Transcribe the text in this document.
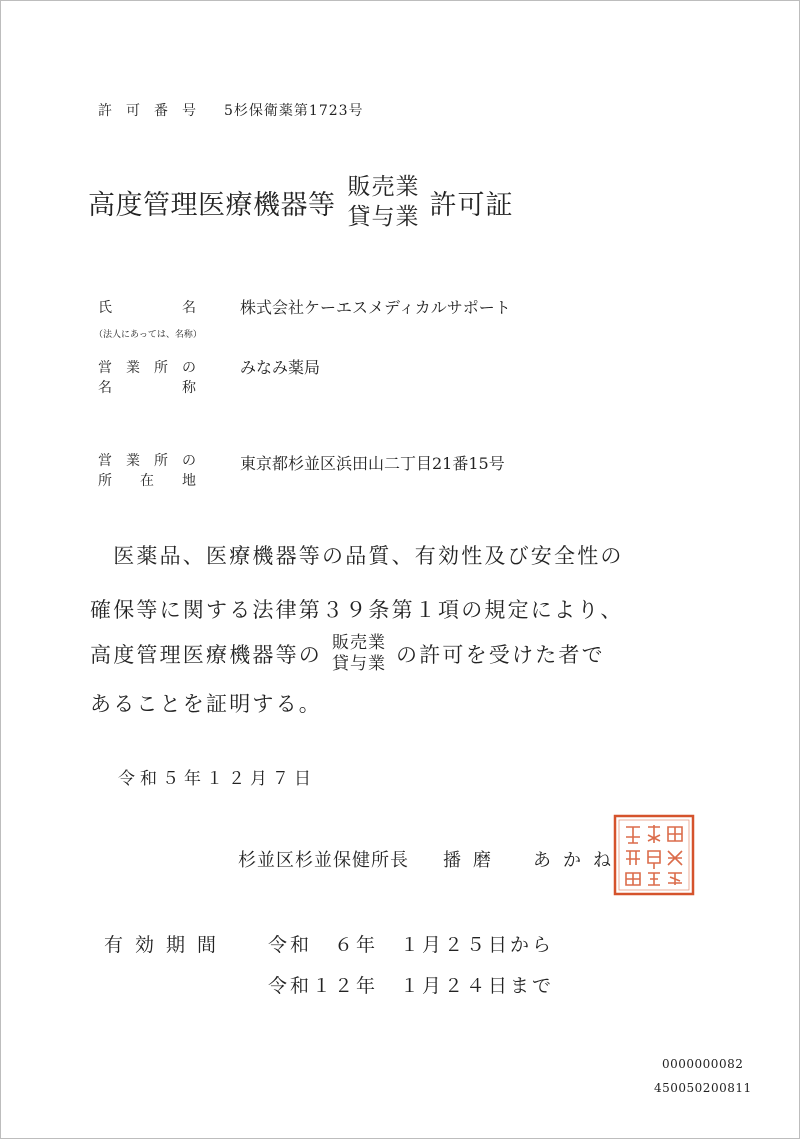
許可番号 5杉保衛薬第1723号
高度管理医療機器等
販売業
貸与業 許可証
氏　　　　　名	株式会社ケーエスメディカルサポート
（法人にあっては、名称）
営　業　所　の
名　　　　　称
みなみ薬局
営　業　所　の
所　　在　　地
東京都杉並区浜田山二丁目21番15号
　医薬品、医療機器等の品質、有効性及び安全性の
確保等に関する法律第３９条第１項の規定により、
高度管理医療機器等の 販売業
貸与業 の許可を受けた者で
あることを証明する。
令和５年１２月７日
杉並区杉並保健所長 播磨　あかね
有効期間 令和　６年　１月２５日から
令和１２年　１月２４日まで
0000000082
450050200811
